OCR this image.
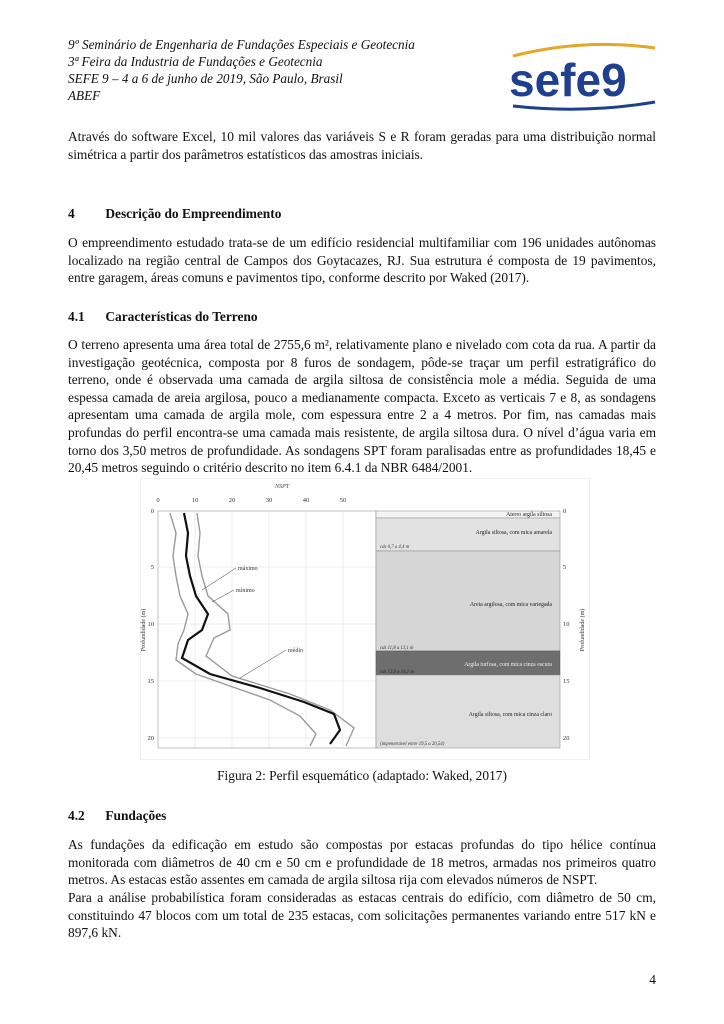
9º Seminário de Engenharia de Fundações Especiais e Geotecnia
3ª Feira da Industria de Fundações e Geotecnia
SEFE 9 – 4 a 6 de junho de 2019, São Paulo, Brasil
ABEF	sefe9
Através do software Excel, 10 mil valores das variáveis S e R foram geradas para uma distribuição normal simétrica a partir dos parâmetros estatísticos das amostras iniciais.
4 Descrição do Empreendimento
O empreendimento estudado trata-se de um edifício residencial multifamiliar com 196 unidades autônomas localizado na região central de Campos dos Goytacazes, RJ. Sua estrutura é composta de 19 pavimentos, entre garagem, áreas comuns e pavimentos tipo, conforme descrito por Waked (2017).
4.1 Características do Terreno
O terreno apresenta uma área total de 2755,6 m², relativamente plano e nivelado com cota da rua. A partir da investigação geotécnica, composta por 8 furos de sondagem, pôde-se traçar um perfil estratigráfico do terreno, onde é observada uma camada de argila siltosa de consistência mole a média. Seguida de uma espessa camada de areia argilosa, pouco a medianamente compacta. Exceto as verticais 7 e 8, as sondagens apresentam uma camada de argila mole, com espessura entre 2 a 4 metros. Por fim, nas camadas mais profundas do perfil encontra-se uma camada mais resistente, de argila siltosa dura. O nível d’água varia em torno dos 3,50 metros de profundidade. As sondagens SPT foram paralisadas entre as profundidades 18,45 e 20,45 metros seguindo o critério descrito no item 6.4.1 da NBR 6484/2001.
NSPT
0	10	20	30	40	50
0
5
10
15
20
Profundidade (m)
máximo
mínimo
médio
Aterro argila siltosa
Argila siltosa, com mica amarela
Areia argilosa, com mica variegada
Argila turfosa, com mica cinza escura
Argila siltosa, com mica cinza claro
cds 0,7 a 4,4 m
cds 11,8 a 13,1 m
cds 13,6 a 14,1 m
(impenetrável entre 19,5 a 20,54)
0
5
10
15
20
Profundidade (m)
Figura 2: Perfil esquemático (adaptado: Waked, 2017)
4.2 Fundações
As fundações da edificação em estudo são compostas por estacas profundas do tipo hélice contínua monitorada com diâmetros de 40 cm e 50 cm e profundidade de 18 metros, armadas nos primeiros quatro metros. As estacas estão assentes em camada de argila siltosa rija com elevados números de NSPT.
Para a análise probabilística foram consideradas as estacas centrais do edifício, com diâmetro de 50 cm, constituindo 47 blocos com um total de 235 estacas, com solicitações permanentes variando entre 517 kN e 897,6 kN.
4
